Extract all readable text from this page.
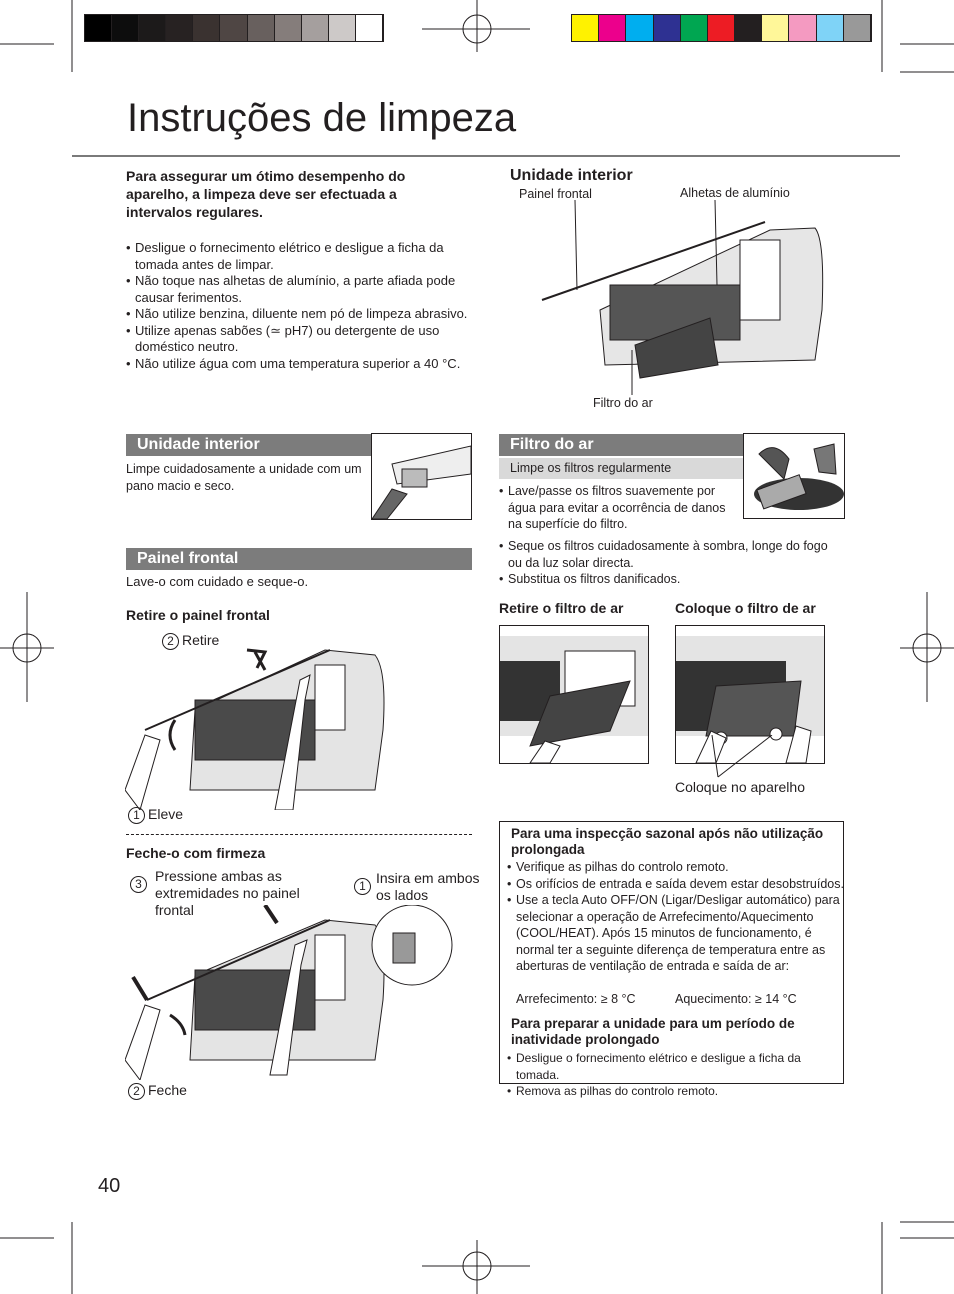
Instruções de limpeza
Para assegurar um ótimo desempenho do aparelho, a limpeza deve ser efectuada a intervalos regulares.
• Desligue o fornecimento elétrico e desligue a ficha da tomada antes de limpar.
• Não toque nas alhetas de alumínio, a parte afiada pode causar ferimentos.
• Não utilize benzina, diluente nem pó de limpeza abrasivo.
• Utilize apenas sabões (≃ pH7) ou detergente de uso doméstico neutro.
• Não utilize água com uma temperatura superior a 40 °C.
Unidade interior
Painel frontal	Alhetas de alumínio
Filtro do ar
Unidade interior
Limpe cuidadosamente a unidade com um pano macio e seco.
Painel frontal
Lave-o com cuidado e seque-o.
Retire o painel frontal
2 Retire
1 Eleve
Feche-o com firmeza
3 Pressione ambas as extremidades no painel frontal
1 Insira em ambos os lados
2 Feche
Filtro do ar
Limpe os filtros regularmente
• Lave/passe os filtros suavemente por água para evitar a ocorrência de danos na superfície do filtro.
• Seque os filtros cuidadosamente à sombra, longe do fogo ou da luz solar directa.
• Substitua os filtros danificados.
Retire o filtro de ar	Coloque o filtro de ar
Coloque no aparelho
Para uma inspecção sazonal após não utilização prolongada
• Verifique as pilhas do controlo remoto.
• Os orifícios de entrada e saída devem estar desobstruídos.
• Use a tecla Auto OFF/ON (Ligar/Desligar automático) para selecionar a operação de Arrefecimento/Aquecimento (COOL/HEAT). Após 15 minutos de funcionamento, é normal ter a seguinte diferença de temperatura entre as aberturas de ventilação de entrada e saída de ar:
Arrefecimento: ≥ 8 °C	Aquecimento: ≥ 14 °C
Para preparar a unidade para um período de inatividade prolongado
• Desligue o fornecimento elétrico e desligue a ficha da tomada.
• Remova as pilhas do controlo remoto.
40
